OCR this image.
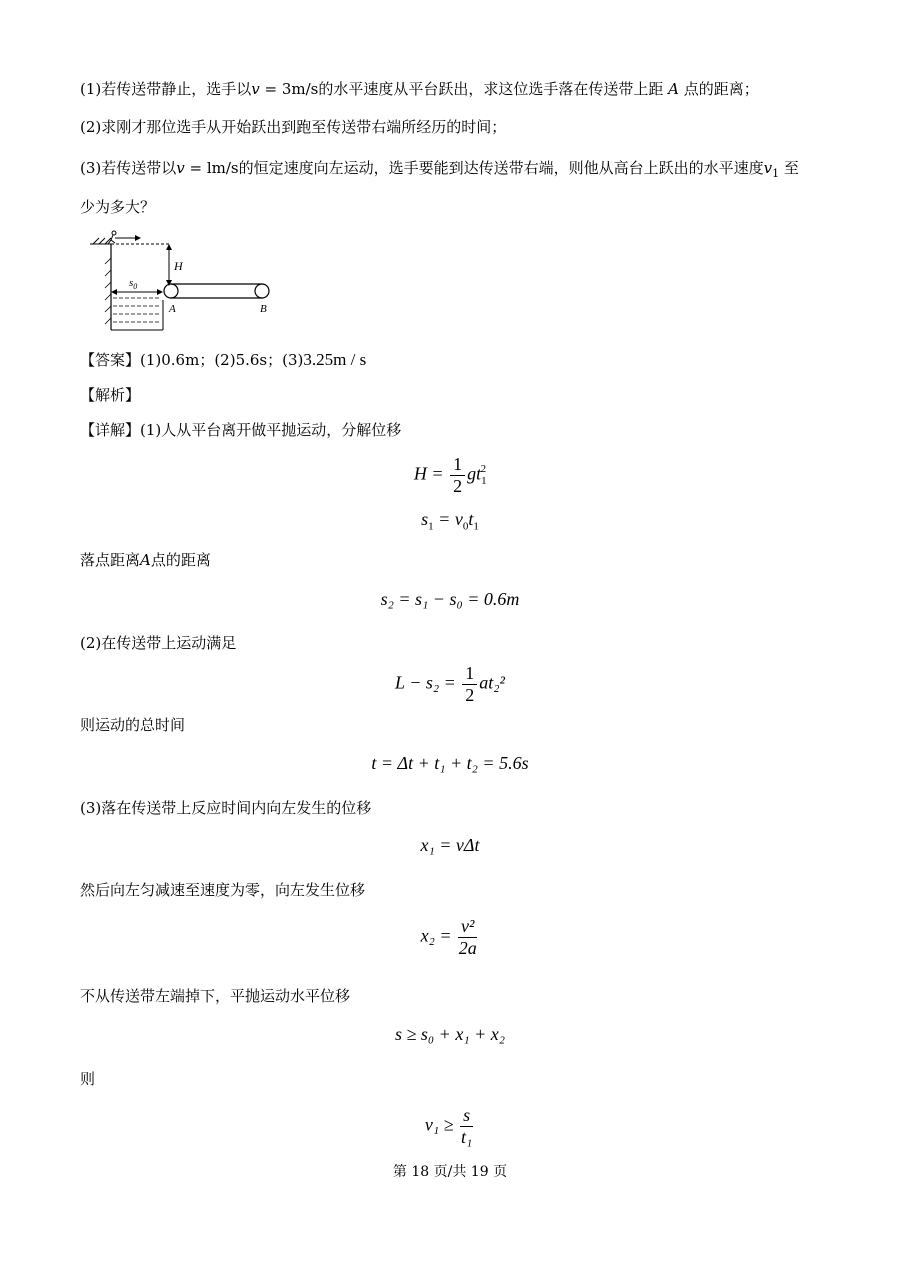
(1)若传送带静止，选手以v = 3m/s的水平速度从平台跃出，求这位选手落在传送带上距 A 点的距离；
(2)求刚才那位选手从开始跃出到跑至传送带右端所经历的时间；
(3)若传送带以v = lm/s的恒定速度向左运动，选手要能到达传送带右端，则他从高台上跃出的水平速度$v_1$ 至
少为多大？
H
$s_0$
A	B
【答案】(1)0.6m；(2)5.6s；(3)3.25m / s
【解析】
【详解】(1)人从平台离开做平抛运动，分解位移
$H = \frac{1}{2} gt_1^2$
$s_1 = v_0t_1$
落点距离A点的距离
s₂ = s₁ − s₀ = 0.6m
(2)在传送带上运动满足
$L - s_2 = \frac{1}{2} at_2^2$
则运动的总时间
t = Δt + t₁ + t₂ = 5.6s
(3)落在传送带上反应时间内向左发生的位移
x₁ = vΔt
然后向左匀减速至速度为零，向左发生位移
$x_2 = \frac{\text{v²}}{2a}$
不从传送带左端掉下，平抛运动水平位移
s ≥ s₀ + x₁ + x₂
则
$v_1 \ge \frac{s}{\text{t₁}}$
第 18 页/共 19 页
